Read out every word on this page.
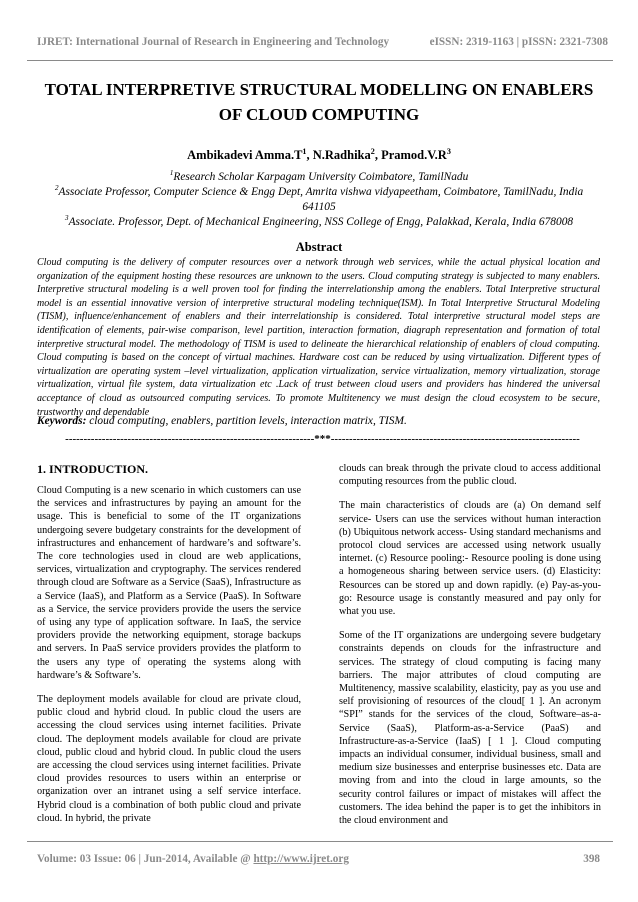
IJRET: International Journal of Research in Engineering and Technology	eISSN: 2319-1163 | pISSN: 2321-7308
TOTAL INTERPRETIVE STRUCTURAL MODELLING ON ENABLERS
OF CLOUD COMPUTING
Ambikadevi $Amma.T^1$, N.Radhika$^2$, $Pramod.V.R^3$
$^1$Research Scholar Karpagam University Coimbatore, TamilNadu
$^2$Associate Professor, Computer Science & Engg Dept, Amrita vishwa vidyapeetham, Coimbatore, TamilNadu, India
641105
$^3$Associate. Professor, Dept. of Mechanical Engineering, NSS College of Engg, Palakkad, Kerala, India 678008
Abstract
Cloud computing is the delivery of computer resources over a network through web services, while the actual physical location and organization of the equipment hosting these resources are unknown to the users. Cloud computing strategy is subjected to many enablers. Interpretive structural modeling is a well proven tool for finding the interrelationship among the enablers. Total Interpretive structural model is an essential innovative version of interpretive structural modeling technique(ISM). In Total Interpretive Structural Modeling (TISM), influence/enhancement of enablers and their interrelationship is considered. Total interpretive structural model steps are identification of elements, pair-wise comparison, level partition, interaction formation, diagraph representation and formation of total interpretive structural model. The methodology of TISM is used to delineate the hierarchical relationship of enablers of cloud computing. Cloud computing is based on the concept of virtual machines. Hardware cost can be reduced by using virtualization. Different types of virtualization are operating system –level virtualization, application virtualization, service virtualization, memory virtualization, storage virtualization, virtual file system, data virtualization etc .Lack of trust between cloud users and providers has hindered the universal acceptance of cloud as outsourced computing services. To promote Multitenency we must design the cloud ecosystem to be secure, trustworthy and dependable
Keywords: cloud computing, enablers, partition levels, interaction matrix, TISM.
--------------------------------------------------------------------***--------------------------------------------------------------------
1. INTRODUCTION.

Cloud Computing is a new scenario in which customers can use the services and infrastructures by paying an amount for the usage. This is beneficial to some of the IT organizations undergoing severe budgetary constraints for the development of infrastructures and enhancement of hardware’s and software’s. The core technologies used in cloud are web applications, services, virtualization and cryptography. The services rendered through cloud are Software as a Service (SaaS), Infrastructure as a Service (IaaS), and Platform as a Service (PaaS). In Software as a Service, the service providers provide the users the service of using any type of application software. In IaaS, the service providers provide the networking equipment, storage backups and servers. In PaaS service providers provides the platform to the users any type of operating the systems along with hardware’s & Software’s.

The deployment models available for cloud are private cloud, public cloud and hybrid cloud. In public cloud the users are accessing the cloud services using internet facilities. Private cloud. The deployment models available for cloud are private cloud, public cloud and hybrid cloud. In public cloud the users are accessing the cloud services using internet facilities. Private cloud provides resources to users within an enterprise or organization over an intranet using a self service interface. Hybrid cloud is a combination of both public cloud and private cloud. In hybrid, the private

clouds can break through the private cloud to access additional computing resources from the public cloud.

The main characteristics of clouds are (a) On demand self service- Users can use the services without human interaction (b) Ubiquitous network access- Using standard mechanisms and protocol cloud services are accessed using network usually internet. (c) Resource pooling:- Resource pooling is done using a homogeneous sharing between service users. (d) Elasticity: Resources can be stored up and down rapidly. (e) Pay-as-you-go: Resource usage is constantly measured and pay only for what you use.

Some of the IT organizations are undergoing severe budgetary constraints depends on clouds for the infrastructure and services. The strategy of cloud computing is facing many barriers. The major attributes of cloud computing are Multitenency, massive scalability, elasticity, pay as you use and self provisioning of resources of the cloud[ 1 ]. An acronym “SPI” stands for the services of the cloud, Software–as-a-Service (SaaS), Platform-as-a-Service (PaaS) and Infrastructure-as-a-Service (IaaS) [ 1 ]. Cloud computing impacts an individual consumer, individual business, small and medium size businesses and enterprise businesses etc. Data are moving from and into the cloud in large amounts, so the security control failures or impact of mistakes will affect the customers. The idea behind the paper is to get the inhibitors in the cloud environment and

Volume: 03 Issue: 06 | Jun-2014, Available @ http://www.ijret.org	398
